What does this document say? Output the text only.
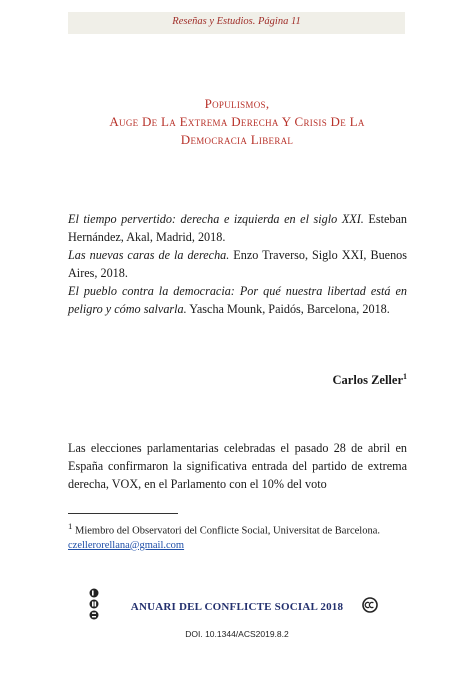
Reseñas y Estudios. Página 11
Populismos,
Auge De La Extrema Derecha Y Crisis De La
Democracia Liberal
El tiempo pervertido: derecha e izquierda en el siglo XXI. Esteban Hernández, Akal, Madrid, 2018.
Las nuevas caras de la derecha. Enzo Traverso, Siglo XXI, Buenos Aires, 2018.
El pueblo contra la democracia: Por qué nuestra libertad está en peligro y cómo salvarla. Yascha Mounk, Paidós, Barcelona, 2018.
Carlos Zeller$^1$
Las elecciones parlamentarias celebradas el pasado 28 de abril en España confirmaron la significativa entrada del partido de extrema derecha, VOX, en el Parlamento con el 10% del voto
$^1$ Miembro del Observatori del Conflicte Social, Universitat de Barcelona.
czellerorellana@gmail.com
ANUARI DEL CONFLICTE SOCIAL 2018
DOI. 10.1344/ACS2019.8.2
